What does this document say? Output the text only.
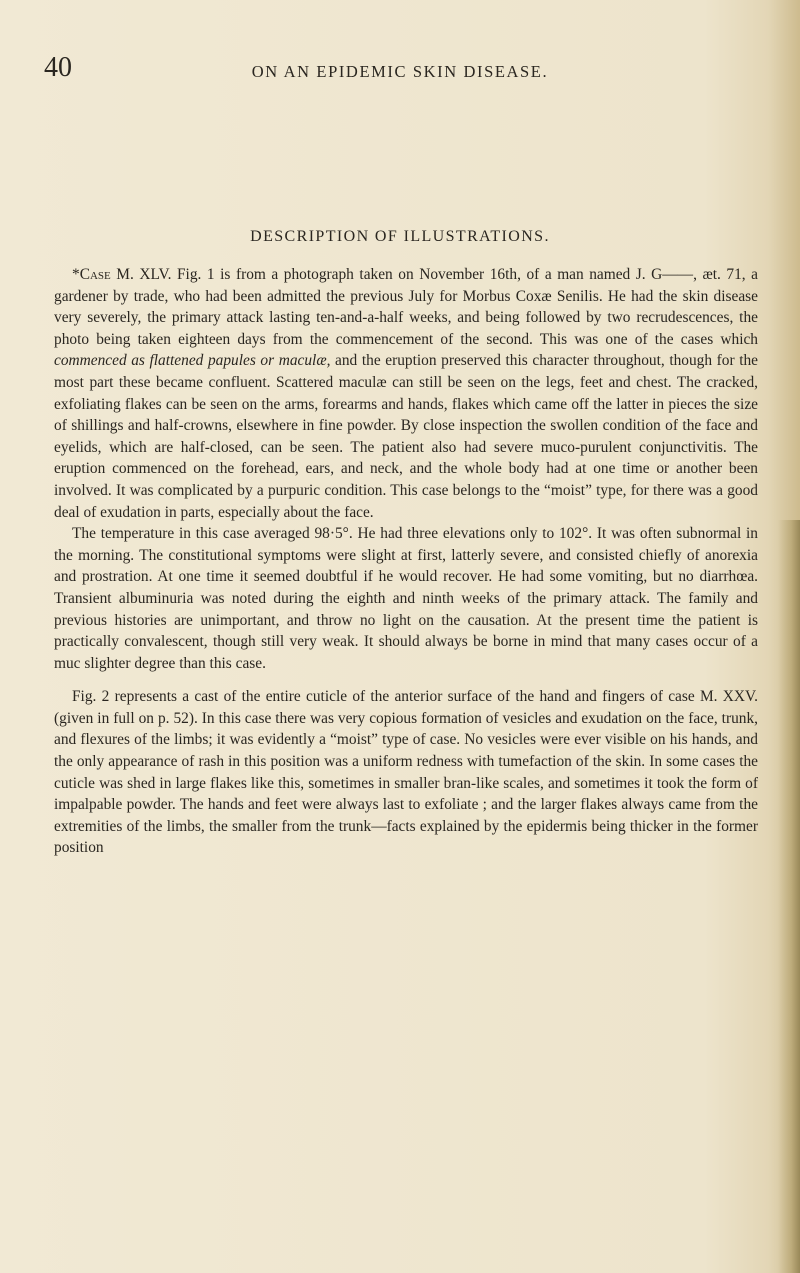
40	ON AN EPIDEMIC SKIN DISEASE.
DESCRIPTION OF ILLUSTRATIONS.

*Case M. XLV. Fig. 1 is from a photograph taken on November 16th, of a man named J. G——, æt. 71, a gardener by trade, who had been admitted the previous July for Morbus Coxæ Senilis. He had the skin disease very severely, the primary attack lasting ten-and-a-half weeks, and being followed by two recrudescences, the photo being taken eighteen days from the commencement of the second. This was one of the cases which commenced as flattened papules or maculæ, and the eruption preserved this character throughout, though for the most part these became confluent. Scattered maculæ can still be seen on the legs, feet and chest. The cracked, exfoliating flakes can be seen on the arms, forearms and hands, flakes which came off the latter in pieces the size of shillings and half-crowns, elsewhere in fine powder. By close inspection the swollen condition of the face and eyelids, which are half-closed, can be seen. The patient also had severe muco-purulent conjunctivitis. The eruption commenced on the forehead, ears, and neck, and the whole body had at one time or another been involved. It was complicated by a purpuric condition. This case belongs to the “moist” type, for there was a good deal of exudation in parts, especially about the face.

The temperature in this case averaged 98·5°. He had three elevations only to 102°. It was often subnormal in the morning. The constitutional symptoms were slight at first, latterly severe, and consisted chiefly of anorexia and prostration. At one time it seemed doubtful if he would recover. He had some vomiting, but no diarrhœa. Transient albuminuria was noted during the eighth and ninth weeks of the primary attack. The family and previous histories are unimportant, and throw no light on the causation. At the present time the patient is practically convalescent, though still very weak. It should always be borne in mind that many cases occur of a muc slighter degree than this case.

Fig. 2 represents a cast of the entire cuticle of the anterior surface of the hand and fingers of case M. XXV. (given in full on p. 52). In this case there was very copious formation of vesicles and exudation on the face, trunk, and flexures of the limbs; it was evidently a “moist” type of case. No vesicles were ever visible on his hands, and the only appearance of rash in this position was a uniform redness with tumefaction of the skin. In some cases the cuticle was shed in large flakes like this, sometimes in smaller bran-like scales, and sometimes it took the form of impalpable powder. The hands and feet were always last to exfoliate ; and the larger flakes always came from the extremities of the limbs, the smaller from the trunk—facts explained by the epidermis being thicker in the former position
